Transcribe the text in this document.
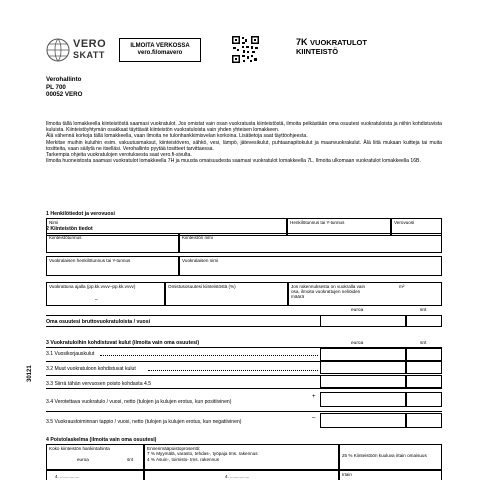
VERO
SKATT
ILMOITA VERKOSSA
vero.fi/omavero
7K VUOKRATULOT
KIINTEISTÖ
Verohallinto
PL 700
00052 VERO
Ilmoita tällä lomakkeella kiinteistöstä saamasi vuokratulot. Jos omistat vain osan vuokratusta kiinteistöstä, ilmoita pelkästään oma osuutesi vuokratuloista ja niihin kohdistuvista kuluista. Kiinteistöyhtymän osakkaat täyttävät kiinteistön vuokratuloista vain yhden yhteisen lomakkeen.
Älä vähennä korkoja tällä lomakkeella, vaan ilmoita ne tulonhankkimisvelan korkoina. Lisätietoja saat täyttöohjeesta.
Merkitse muihin kuluihin esim. vakuutusmaksut, kiinteistövero, sähkö, vesi, lämpö, jätevesikulut, puhtaanapitokulut ja maanvuokrakulut. Älä liitä mukaan kuitteja tai muita tositteita, vaan säilytä ne itselläsi. Verohallinto pyytää tositteet tarvittaessa.
Tarkempia ohjeita vuokratulojen verotuksesta saat vero.fi-sivulta.
Ilmoita huoneistosta saamasi vuokratulot lomakkeella 7H ja muusta omaisuudesta saamasi vuokratulot lomakkeella 7L. Ilmoita ulkomaan vuokratulot lomakkeella 16B.
1 Henkilötiedot ja verovuosi
Nimi	Henkilötunnus tai Y-tunnus	Verovuosi
2 Kiinteistön tiedot
Kiinteistötunnus	Kiinteistön nimi
Vuokralaisen henkilötunnus tai Y-tunnus	Vuokralaisen nimi
Vuokrattuna ajalla (pp.kk.vvvv–pp.kk.vvvv)
–
Omistusosuutesi kiinteistöstä (%)	Jos rakennuksesta on vuokralla vain osa, ilmoita vuokrattujen neliöiden määrä
m²
euroa	snt
Oma osuutesi bruttovuokratuloista / vuosi
3 Vuokratuloihin kohdistuvat kulut (ilmoita vain oma osuutesi)	euroa	snt
30121
3.1 Vuosikorjauskulut
3.2 Muut vuokratuloon kohdistuvat kulut
3.3 Siirrä tähän vervuosen poisto kohdasta 4.5
3.4 Verotettava vuokratulo / vuosi, netto (tulojen ja kulujen erotus, kun positiivinen)
+
3.5 Vuokraustoiminnan tappio / vuosi, netto (tulojen ja kulujen erotus, kun negatiivinen)
–
4 Poistolaskelma (ilmoita vain oma osuutesi)
Koko kiinteistön hankintahinta
euroa	snt
Ennenmääpoistoprosentti:
7 % Myymälä, varasto, tehdas-, työpaja tms. rakennus
4 % Asuin-, toimisto- tms. rakennus
25 % Kiinteistöön kuuluva irtain omaisuus
4. ................	4. ................	Irtain
